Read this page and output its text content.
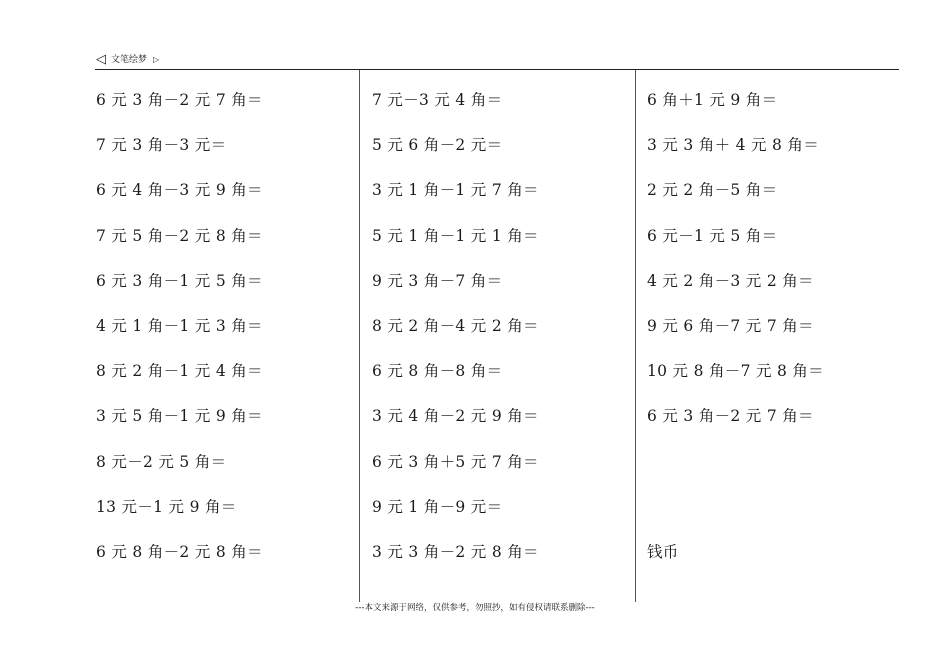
◁ 文笔绘梦 ▷
6 元 3 角－2 元 7 角＝
7 元 3 角－3 元＝
6 元 4 角－3 元 9 角＝
7 元 5 角－2 元 8 角＝
6 元 3 角－1 元 5 角＝
4 元 1 角－1 元 3 角＝
8 元 2 角－1 元 4 角＝
3 元 5 角－1 元 9 角＝
8 元－2 元 5 角＝
13 元－1 元 9 角＝
6 元 8 角－2 元 8 角＝
7 元－3 元 4 角＝
5 元 6 角－2 元＝
3 元 1 角－1 元 7 角＝
5 元 1 角－1 元 1 角＝
9 元 3 角－7 角＝
8 元 2 角－4 元 2 角＝
6 元 8 角－8 角＝
3 元 4 角－2 元 9 角＝
6 元 3 角＋5 元 7 角＝
9 元 1 角－9 元＝
3 元 3 角－2 元 8 角＝
6 角＋1 元 9 角＝
3 元 3 角＋ 4 元 8 角＝
2 元 2 角－5 角＝
6 元－1 元 5 角＝
4 元 2 角－3 元 2 角＝
9 元 6 角－7 元 7 角＝
10 元 8 角－7 元 8 角＝
6 元 3 角－2 元 7 角＝
钱币
---本文来源于网络，仅供参考，勿照抄，如有侵权请联系删除---
